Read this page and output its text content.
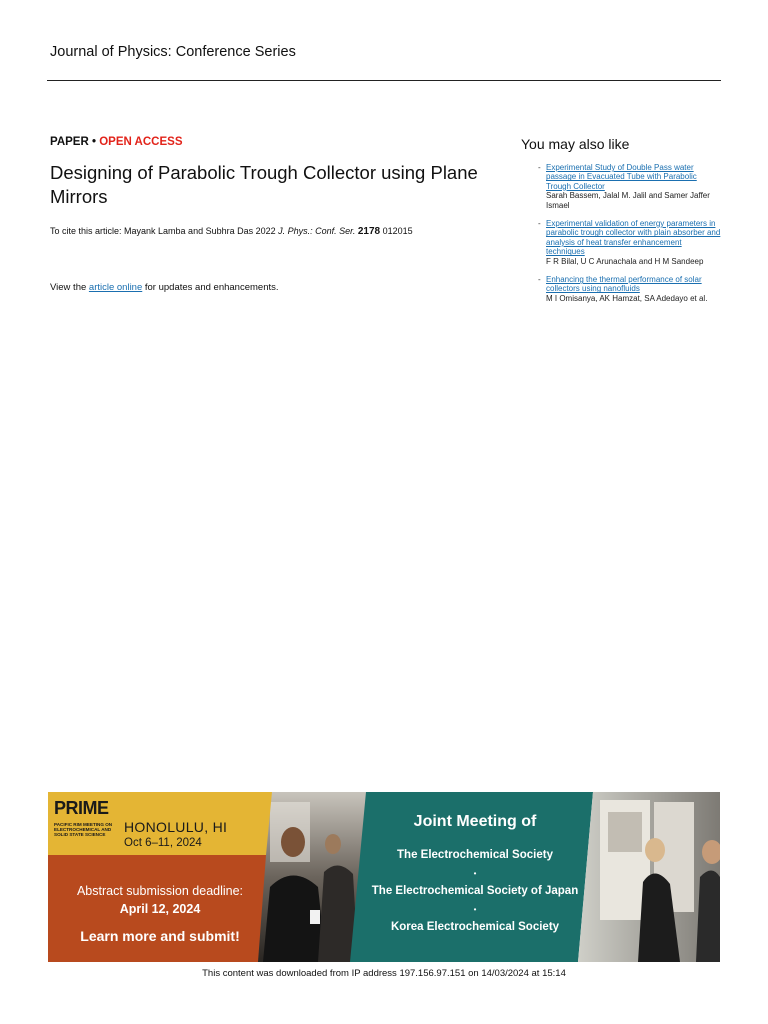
Journal of Physics: Conference Series
PAPER • OPEN ACCESS
Designing of Parabolic Trough Collector using Plane Mirrors
To cite this article: Mayank Lamba and Subhra Das 2022 J. Phys.: Conf. Ser. 2178 012015
View the article online for updates and enhancements.
You may also like
- Experimental Study of Double Pass water passage in Evacuated Tube with Parabolic Trough Collector
Sarah Bassem, Jalal M. Jalil and Samer Jaffer Ismael
- Experimental validation of energy parameters in parabolic trough collector with plain absorber and analysis of heat transfer enhancement techniques
F R Bilal, U C Arunachala and H M Sandeep
- Enhancing the thermal performance of solar collectors using nanofluids
M I Omisanya, AK Hamzat, SA Adedayo et al.
PRIME
PACIFIC RIM MEETING ON ELECTROCHEMICAL AND SOLID STATE SCIENCE	HONOLULU, HI
Oct 6–11, 2024
Abstract submission deadline:
April 12, 2024
Learn more and submit!
Joint Meeting of
The Electrochemical Society
•
The Electrochemical Society of Japan
•
Korea Electrochemical Society
This content was downloaded from IP address 197.156.97.151 on 14/03/2024 at 15:14
